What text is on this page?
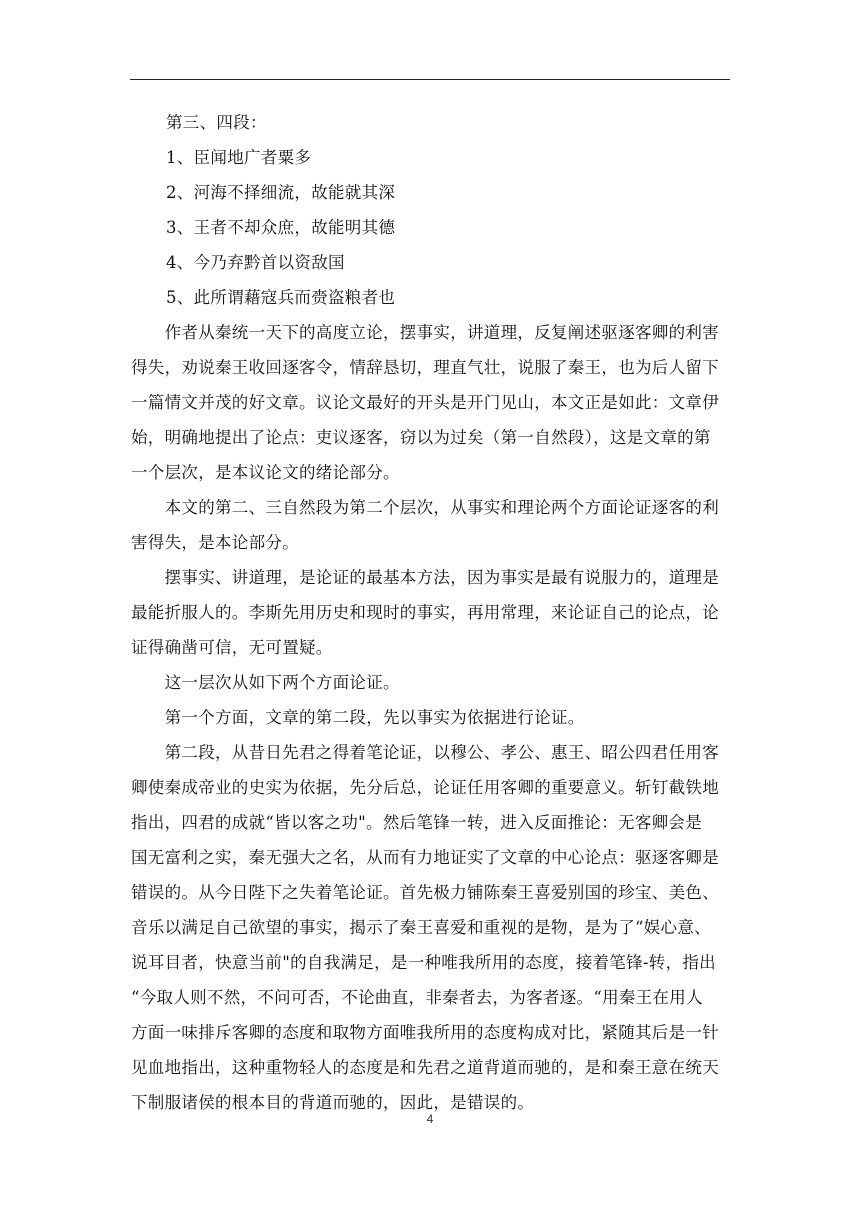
第三、四段：
1、臣闻地广者粟多
2、河海不择细流，故能就其深
3、王者不却众庶，故能明其德
4、今乃弃黔首以资敌国
5、此所谓藉寇兵而赍盗粮者也
　　作者从秦统一天下的高度立论，摆事实，讲道理，反复阐述驱逐客卿的利害
得失，劝说秦王收回逐客令，情辞恳切，理直气壮，说服了秦王，也为后人留下
一篇情文并茂的好文章。议论文最好的开头是开门见山，本文正是如此：文章伊
始，明确地提出了论点：吏议逐客，窃以为过矣（第一自然段），这是文章的第
一个层次，是本议论文的绪论部分。
　　本文的第二、三自然段为第二个层次，从事实和理论两个方面论证逐客的利
害得失，是本论部分。
　　摆事实、讲道理，是论证的最基本方法，因为事实是最有说服力的，道理是
最能折服人的。李斯先用历史和现时的事实，再用常理，来论证自己的论点，论
证得确凿可信，无可置疑。
　　这一层次从如下两个方面论证。
　　第一个方面，文章的第二段，先以事实为依据进行论证。
　　第二段，从昔日先君之得着笔论证，以穆公、孝公、惠王、昭公四君任用客
卿使秦成帝业的史实为依据，先分后总，论证任用客卿的重要意义。斩钉截铁地
指出，四君的成就“皆以客之功"。然后笔锋一转，进入反面推论：无客卿会是
国无富利之实，秦无强大之名，从而有力地证实了文章的中心论点：驱逐客卿是
错误的。从今日陛下之失着笔论证。首先极力铺陈秦王喜爱别国的珍宝、美色、
音乐以满足自己欲望的事实，揭示了秦王喜爱和重视的是物，是为了“娱心意、
说耳目者，快意当前"的自我满足，是一种唯我所用的态度，接着笔锋-转，指出
“今取人则不然，不问可否，不论曲直，非秦者去，为客者逐。“用秦王在用人
方面一味排斥客卿的态度和取物方面唯我所用的态度构成对比，紧随其后是一针
见血地指出，这种重物轻人的态度是和先君之道背道而驰的，是和秦王意在统天
下制服诸侯的根本目的背道而驰的，因此，是错误的。
4
